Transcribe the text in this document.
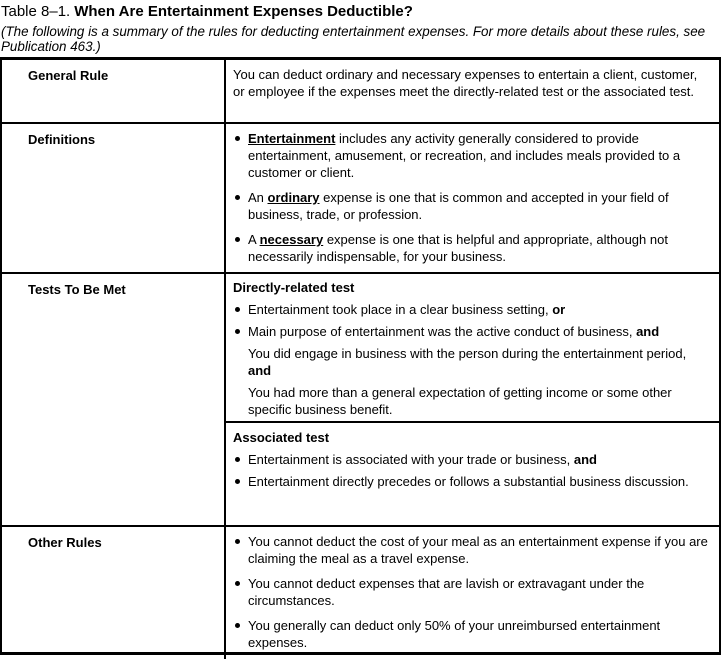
Table 8–1. When Are Entertainment Expenses Deductible?
(The following is a summary of the rules for deducting entertainment expenses. For more details about these rules, see Publication 463.)
General Rule	You can deduct ordinary and necessary expenses to entertain a client, customer, or employee if the expenses meet the directly-related test or the associated test.

Definitions	Entertainment includes any activity generally considered to provide entertainment, amusement, or recreation, and includes meals provided to a customer or client.
An ordinary expense is one that is common and accepted in your field of business, trade, or profession.
A necessary expense is one that is helpful and appropriate, although not necessarily indispensable, for your business.
Tests To Be Met	Directly-related test

Entertainment took place in a clear business setting, or
Main purpose of entertainment was the active conduct of business, and

You did engage in business with the person during the entertainment period, and

You had more than a general expectation of getting income or some other specific business benefit.

Associated test

Entertainment is associated with your trade or business, and
Entertainment directly precedes or follows a substantial business discussion.
Other Rules	You cannot deduct the cost of your meal as an entertainment expense if you are claiming the meal as a travel expense.
You cannot deduct expenses that are lavish or extravagant under the circumstances.
You generally can deduct only 50% of your unreimbursed entertainment expenses.
